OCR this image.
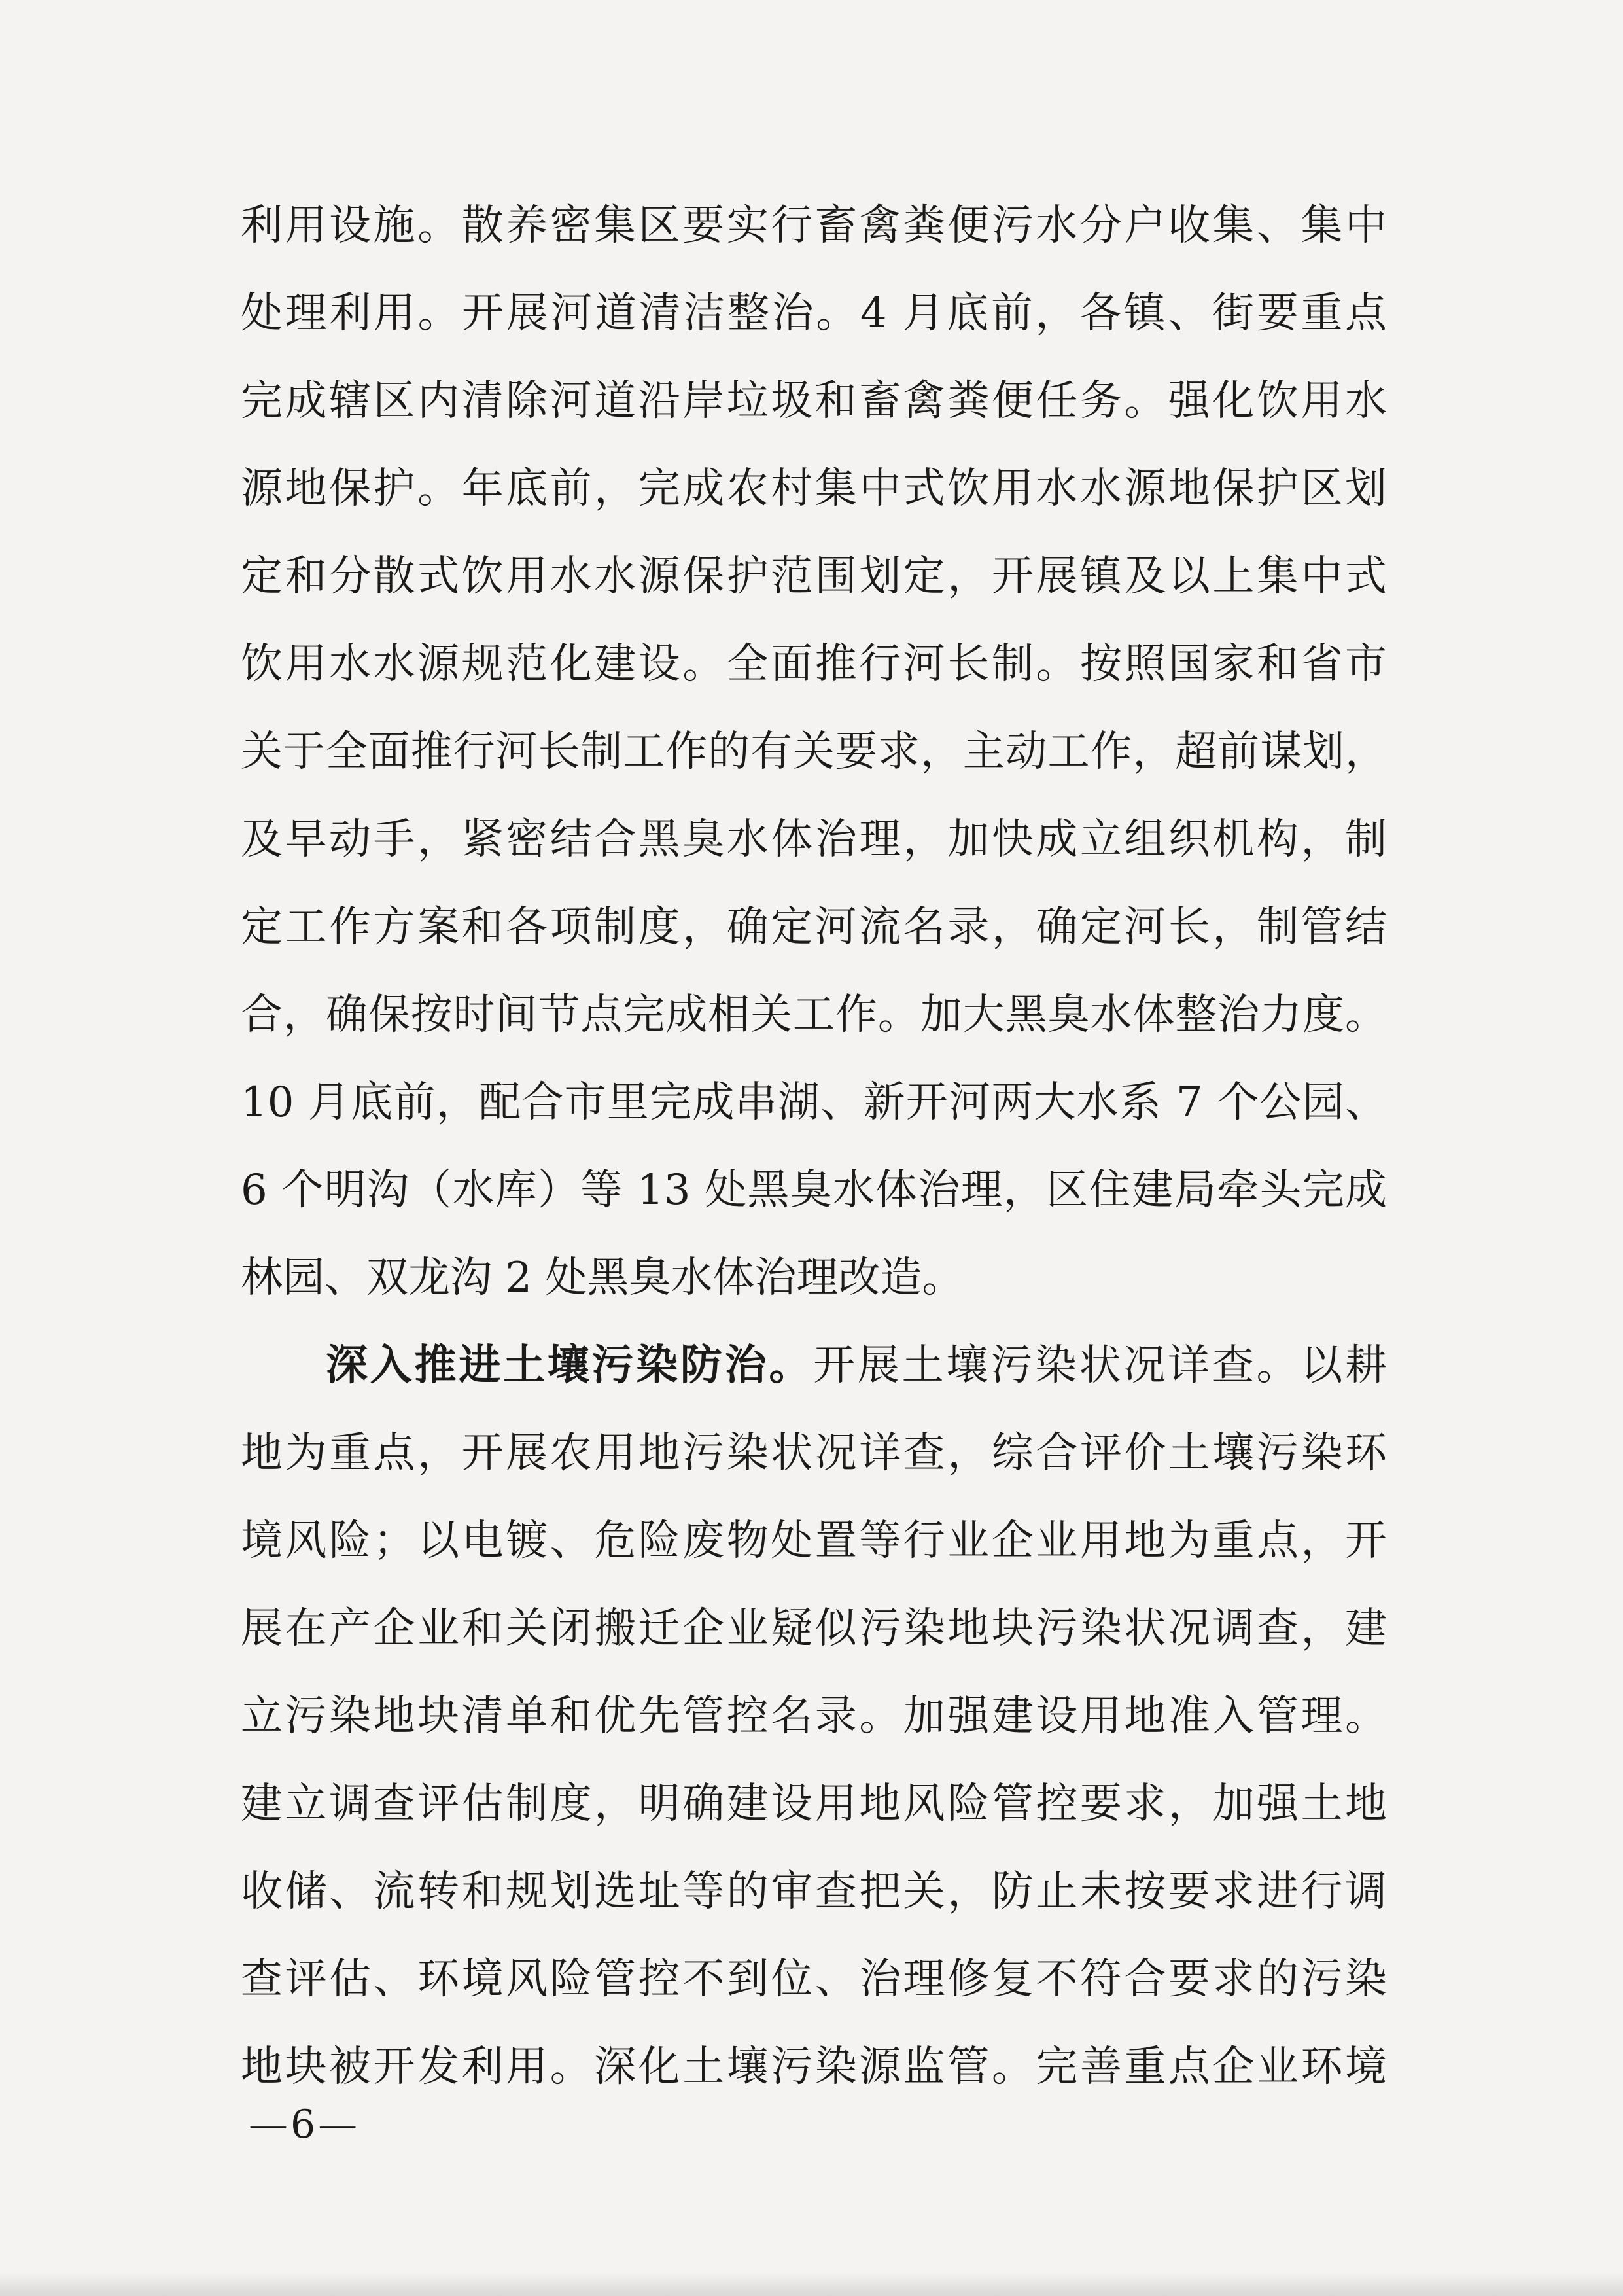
利用设施。散养密集区要实行畜禽粪便污水分户收集、集中
处理利用。开展河道清洁整治。4 月底前，各镇、街要重点
完成辖区内清除河道沿岸垃圾和畜禽粪便任务。强化饮用水
源地保护。年底前，完成农村集中式饮用水水源地保护区划
定和分散式饮用水水源保护范围划定，开展镇及以上集中式
饮用水水源规范化建设。全面推行河长制。按照国家和省市
关于全面推行河长制工作的有关要求，主动工作，超前谋划，
及早动手，紧密结合黑臭水体治理，加快成立组织机构，制
定工作方案和各项制度，确定河流名录，确定河长，制管结
合，确保按时间节点完成相关工作。加大黑臭水体整治力度。
10 月底前，配合市里完成串湖、新开河两大水系 7 个公园、
6 个明沟（水库）等 13 处黑臭水体治理，区住建局牵头完成
林园、双龙沟 2 处黑臭水体治理改造。
深入推进土壤污染防治。开展土壤污染状况详查。以耕
地为重点，开展农用地污染状况详查，综合评价土壤污染环
境风险；以电镀、危险废物处置等行业企业用地为重点，开
展在产企业和关闭搬迁企业疑似污染地块污染状况调查，建
立污染地块清单和优先管控名录。加强建设用地准入管理。
建立调查评估制度，明确建设用地风险管控要求，加强土地
收储、流转和规划选址等的审查把关，防止未按要求进行调
查评估、环境风险管控不到位、治理修复不符合要求的污染
地块被开发利用。深化土壤污染源监管。完善重点企业环境
—6—
